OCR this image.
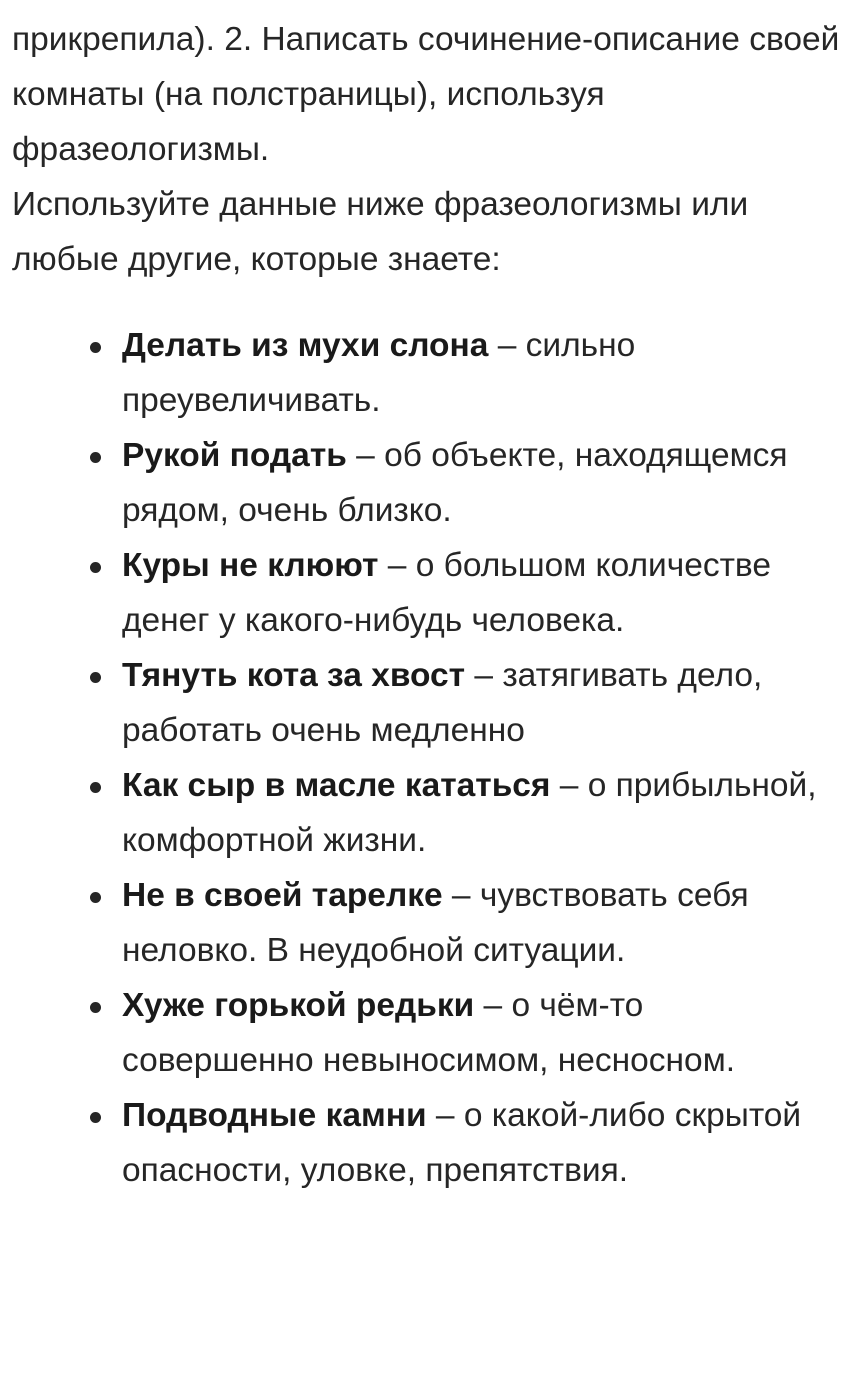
прикрепила). 2. Написать сочинение-описание своей комнаты (на полстраницы), используя фразеологизмы.

Используйте данные ниже фразеологизмы или любые другие, которые знаете:

Делать из мухи слона – сильно преувеличивать.
Рукой подать – об объекте, находящемся рядом, очень близко.
Куры не клюют – о большом количестве денег у какого-нибудь человека.
Тянуть кота за хвост – затягивать дело, работать очень медленно
Как сыр в масле кататься – о прибыльной, комфортной жизни.
Не в своей тарелке – чувствовать себя неловко. В неудобной ситуации.
Хуже горькой редьки – о чём-то совершенно невыносимом, несносном.
Подводные камни – о какой-либо скрытой опасности, уловке, препятствия.
